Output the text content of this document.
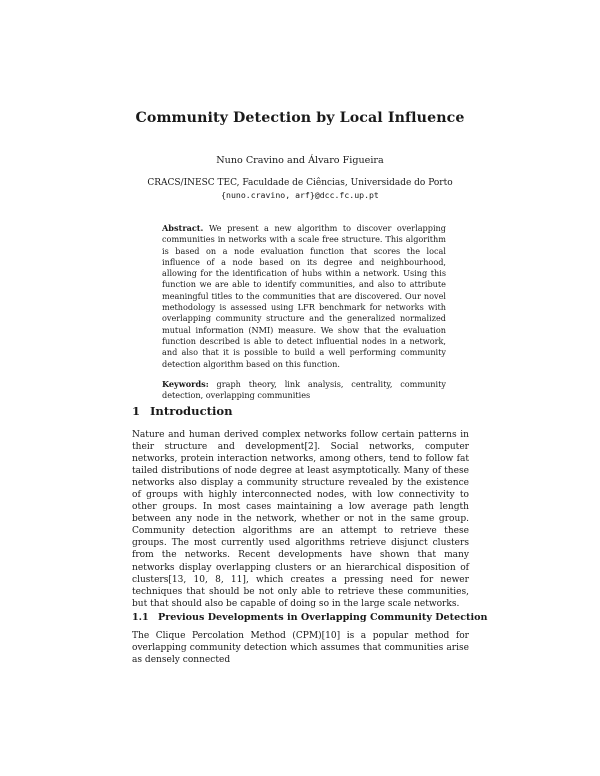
Community Detection by Local Influence
Nuno Cravino and Álvaro Figueira
CRACS/INESC TEC, Faculdade de Ciências, Universidade do Porto
{nuno.cravino, arf}@dcc.fc.up.pt

Abstract. We present a new algorithm to discover overlapping communities in networks with a scale free structure. This algorithm is based on a node evaluation function that scores the local influence of a node based on its degree and neighbourhood, allowing for the identification of hubs within a network. Using this function we are able to identify communities, and also to attribute meaningful titles to the communities that are discovered. Our novel methodology is assessed using LFR benchmark for networks with overlapping community structure and the generalized normalized mutual information (NMI) measure. We show that the evaluation function described is able to detect influential nodes in a network, and also that it is possible to build a well performing community detection algorithm based on this function.

Keywords: graph theory, link analysis, centrality, community detection, overlapping communities

1 Introduction

Nature and human derived complex networks follow certain patterns in their structure and development[2]. Social networks, computer networks, protein interaction networks, among others, tend to follow fat tailed distributions of node degree at least asymptotically. Many of these networks also display a community structure revealed by the existence of groups with highly interconnected nodes, with low connectivity to other groups. In most cases maintaining a low average path length between any node in the network, whether or not in the same group. Community detection algorithms are an attempt to retrieve these groups. The most currently used algorithms retrieve disjunct clusters from the networks. Recent developments have shown that many networks display overlapping clusters or an hierarchical disposition of clusters[13, 10, 8, 11], which creates a pressing need for newer techniques that should be not only able to retrieve these communities, but that should also be capable of doing so in the large scale networks.

1.1 Previous Developments in Overlapping Community Detection

The Clique Percolation Method (CPM)[10] is a popular method for overlapping community detection which assumes that communities arise as densely connected
